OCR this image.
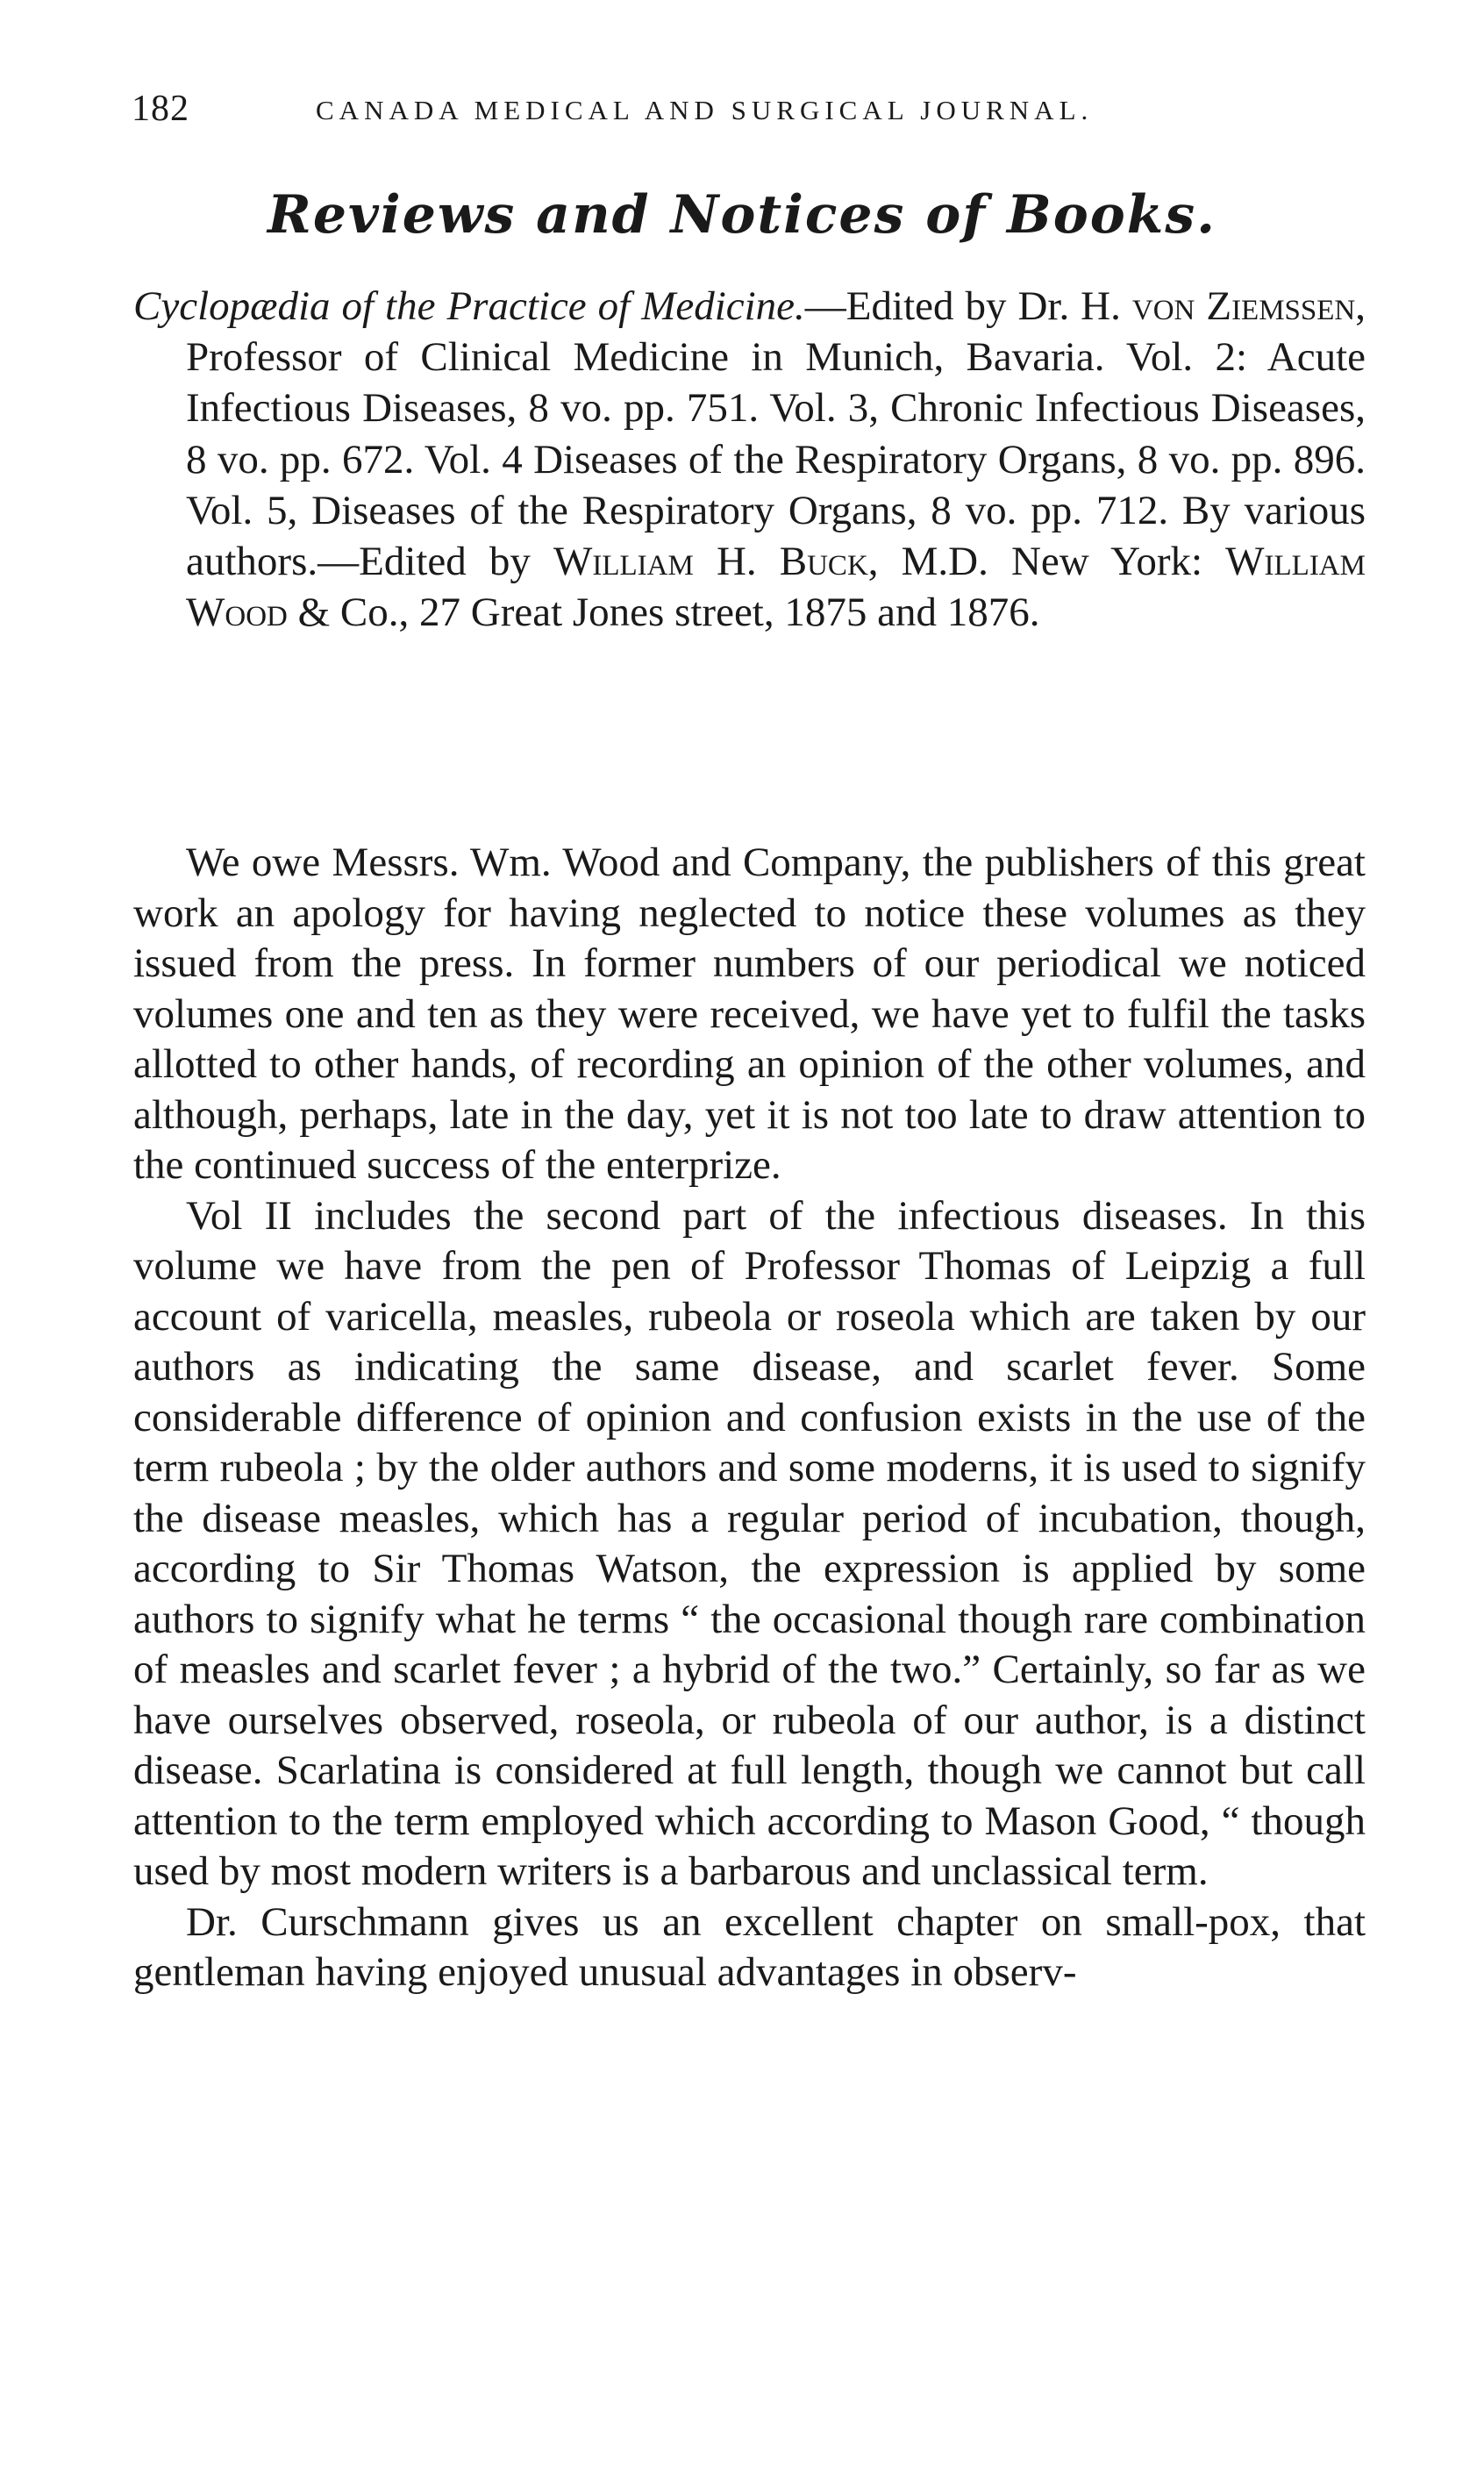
182	CANADA MEDICAL AND SURGICAL JOURNAL.
Reviews and Notices of Books.
Cyclopædia of the Practice of Medicine.—Edited by Dr. H. von Ziemssen, Professor of Clinical Medicine in Munich, Bavaria. Vol. 2: Acute Infectious Diseases, 8 vo. pp. 751. Vol. 3, Chronic Infectious Diseases, 8 vo. pp. 672. Vol. 4 Diseases of the Respiratory Organs, 8 vo. pp. 896. Vol. 5, Diseases of the Respiratory Organs, 8 vo. pp. 712. By various authors.—Edited by William H. Buck, M.D. New York: William Wood & Co., 27 Great Jones street, 1875 and 1876.

We owe Messrs. Wm. Wood and Company, the publishers of this great work an apology for having neglected to notice these volumes as they issued from the press. In former numbers of our periodical we noticed volumes one and ten as they were received, we have yet to fulfil the tasks allotted to other hands, of recording an opinion of the other volumes, and although, perhaps, late in the day, yet it is not too late to draw attention to the continued success of the enterprize.

Vol II includes the second part of the infectious diseases. In this volume we have from the pen of Professor Thomas of Leipzig a full account of varicella, measles, rubeola or roseola which are taken by our authors as indicating the same disease, and scarlet fever. Some considerable difference of opinion and confusion exists in the use of the term rubeola ; by the older authors and some moderns, it is used to signify the disease measles, which has a regular period of incubation, though, according to Sir Thomas Watson, the expression is applied by some authors to signify what he terms “ the occasional though rare combination of measles and scarlet fever ; a hybrid of the two.” Certainly, so far as we have ourselves observed, roseola, or rubeola of our author, is a distinct disease. Scarlatina is considered at full length, though we cannot but call attention to the term employed which according to Mason Good, “ though used by most modern writers is a barbarous and unclassical term.

Dr. Curschmann gives us an excellent chapter on small-pox, that gentleman having enjoyed unusual advantages in observ-
